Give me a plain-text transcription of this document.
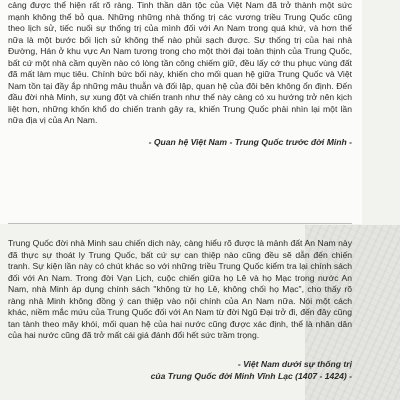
cảng được thể hiện rất rõ ràng. Tinh thần dân tộc của Việt Nam đã trở thành một sức mạnh không thể bỏ qua. Những những nhà thống trị các vương triều Trung Quốc cũng theo lịch sử, tiếc nuối sự thống trị của mình đối với An Nam trong quá khứ, và hơn thế nữa là một bước bối lịch sử không thể nào phủi sạch được. Sự thống trị của hai nhà Đường, Hán ở khu vực An Nam tương trong cho một thời đại toàn thịnh của Trung Quốc, bất cứ một nhà cầm quyền nào có lòng tần công chiếm giữ, đều lấy cớ thu phục vùng đất đã mất làm mục tiêu. Chính bức bối này, khiến cho mối quan hệ giữa Trung Quốc và Việt Nam tồn tại đầy ắp những mâu thuẫn và đối lập, quan hệ của đôi bên không ổn định. Đến đầu đời nhà Minh, sự xung đột và chiến tranh như thế này càng có xu hướng trở nên kịch liệt hơn, những khốn khổ do chiến tranh gây ra, khiến Trung Quốc phải nhìn lại một lần nữa địa vị của An Nam.

- Quan hệ Việt Nam - Trung Quốc trước đời Minh -

Trung Quốc đời nhà Minh sau chiến dịch này, càng hiểu rõ được là mảnh đất An Nam này đã thực sự thoát ly Trung Quốc, bất cứ sự can thiệp nào cũng đều sẽ dẫn đến chiến tranh. Sự kiện lần này có chút khác so với những triều Trung Quốc kiểm tra lại chính sách đối với An Nam. Trong đời Vạn Lịch, cuộc chiến giữa họ Lê và họ Mạc trong nước An Nam, nhà Minh áp dụng chính sách "không từ họ Lê, không chối họ Mạc", cho thấy rõ ràng nhà Minh không đồng ý can thiệp vào nội chính của An Nam nữa. Nói một cách khác, niềm mắc mứu của Trung Quốc đối với An Nam từ đời Ngũ Đại trở đi, đến đây cũng tan tành theo mây khói, mối quan hệ của hai nước cũng được xác định, thể là nhân dân của hai nước cũng đã trở mất cái giá đánh đổi hết sức trầm trọng.

- Việt Nam dưới sự thống trị
của Trung Quốc đời Minh Vĩnh Lạc (1407 - 1424) -
